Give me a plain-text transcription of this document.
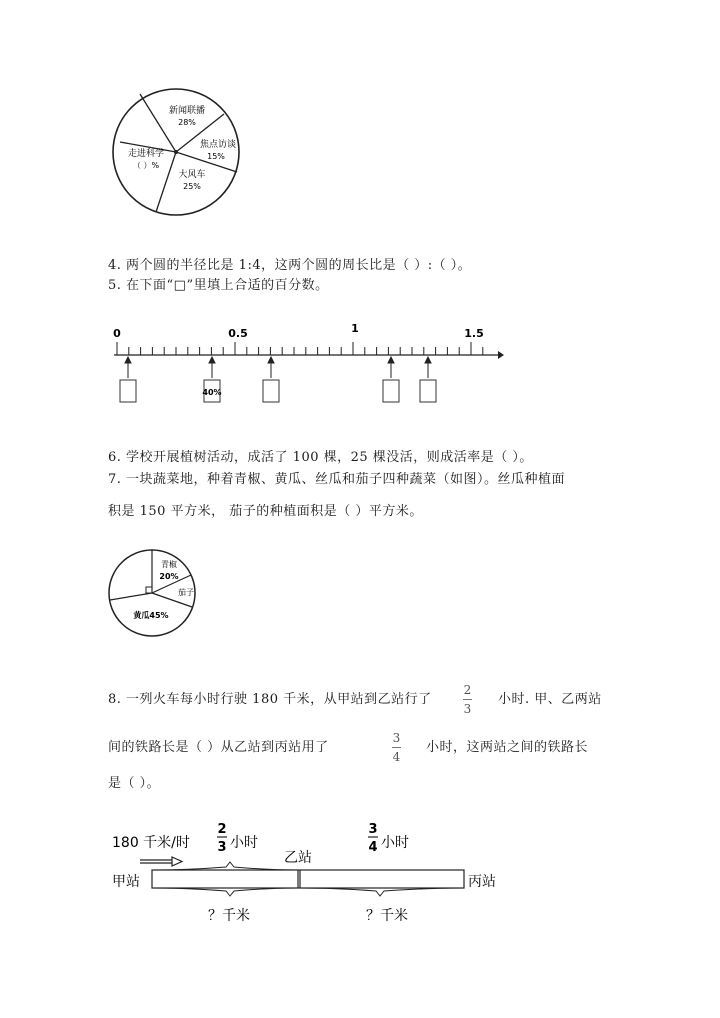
新闻联播
28%
焦点访谈
15%
大风车
25%
走进科学
（ ）%
4. 两个圆的半径比是 1:4，这两个圆的周长比是（ ）:（ ）。
5. 在下面“□”里填上合适的百分数。
0	0.5	1	1.5
40%
6. 学校开展植树活动，成活了 100 棵，25 棵没活，则成活率是（ ）。
7. 一块蔬菜地，种着青椒、黄瓜、丝瓜和茄子四种蔬菜（如图）。丝瓜种植面
积是 150 平方米， 茄子的种植面积是（ ）平方米。
青椒
20%
茄子
黄瓜45%
8. 一列火车每小时行驶 180 千米，从甲站到乙站行了
2
3
小时. 甲、乙两站
间的铁路长是（ ）从乙站到丙站用了
3
4
小时，这两站之间的铁路长
是（ ）。
180 千米/时
2
3 小时
3
4 小时
乙站
甲站	丙站
？千米	？千米
